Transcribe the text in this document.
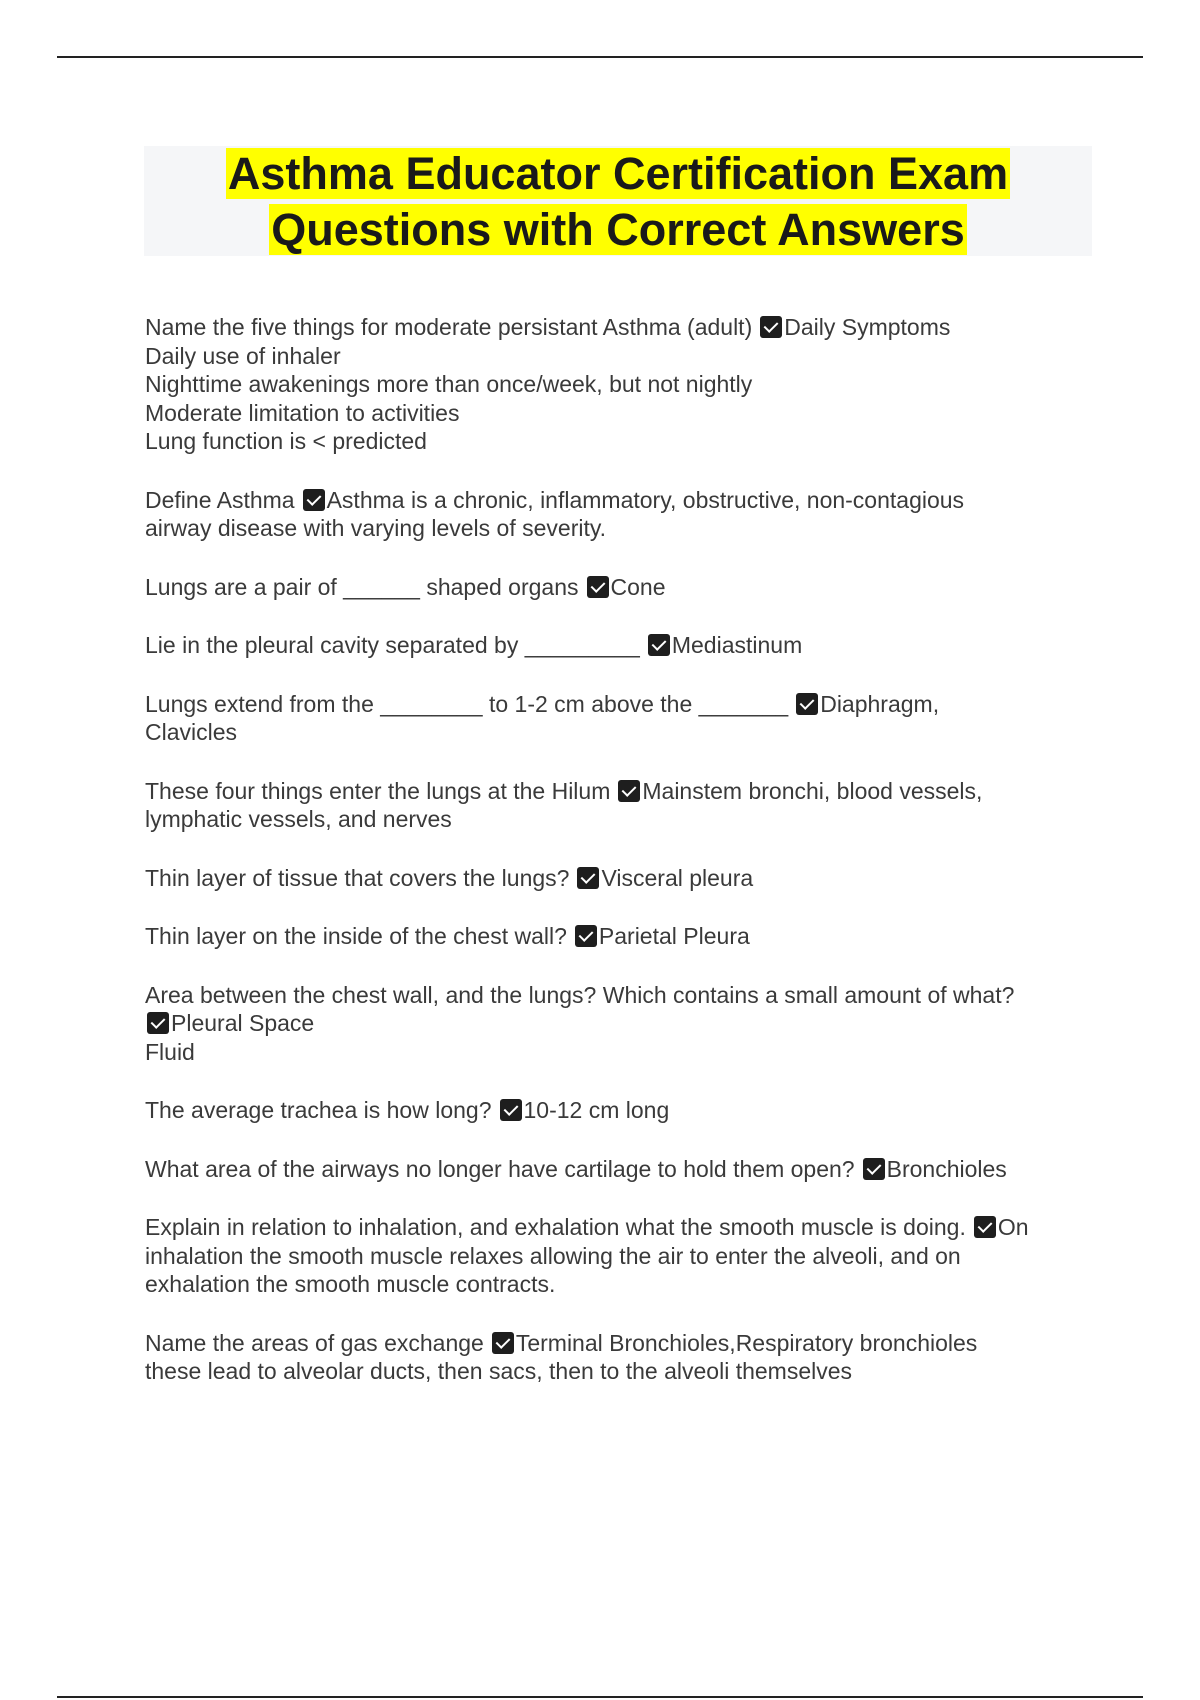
Asthma Educator Certification Exam
Questions with Correct Answers
Name the five things for moderate persistant Asthma (adult) Daily Symptoms
Daily use of inhaler
Nighttime awakenings more than once/week, but not nightly
Moderate limitation to activities
Lung function is < predicted
Define Asthma Asthma is a chronic, inflammatory, obstructive, non-contagious
airway disease with varying levels of severity.
Lungs are a pair of ______ shaped organs Cone
Lie in the pleural cavity separated by _________ Mediastinum
Lungs extend from the ________ to 1-2 cm above the _______ Diaphragm,
Clavicles
These four things enter the lungs at the Hilum Mainstem bronchi, blood vessels,
lymphatic vessels, and nerves
Thin layer of tissue that covers the lungs? Visceral pleura
Thin layer on the inside of the chest wall? Parietal Pleura
Area between the chest wall, and the lungs? Which contains a small amount of what?
Pleural Space
Fluid
The average trachea is how long? 10-12 cm long
What area of the airways no longer have cartilage to hold them open? Bronchioles
Explain in relation to inhalation, and exhalation what the smooth muscle is doing. On
inhalation the smooth muscle relaxes allowing the air to enter the alveoli, and on
exhalation the smooth muscle contracts.
Name the areas of gas exchange Terminal Bronchioles,Respiratory bronchioles
these lead to alveolar ducts, then sacs, then to the alveoli themselves
